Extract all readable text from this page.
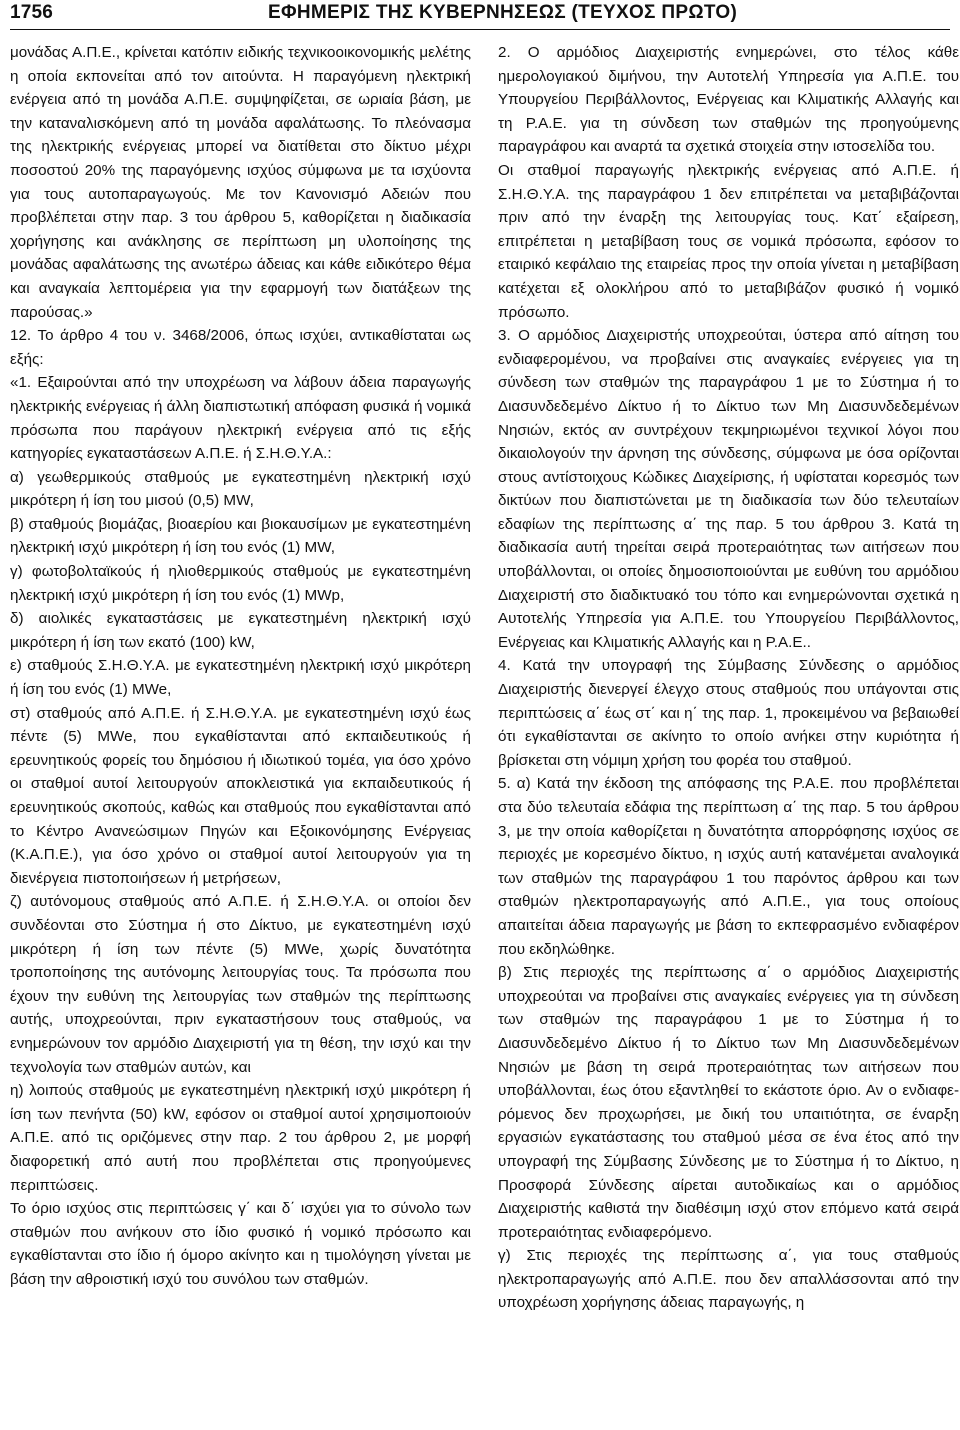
1756	ΕΦΗΜΕΡΙΣ ΤΗΣ ΚΥΒΕΡΝΗΣΕΩΣ (ΤΕΥΧΟΣ ΠΡΩΤΟ)

μονάδας Α.Π.Ε., κρίνεται κατόπιν ειδικής τεχνικοοικονομικής μελέτης η οποία εκπονείται από τον αιτούντα. Η παραγόμενη ηλεκτρική ενέργεια από τη μονάδα Α.Π.Ε. συμψηφίζεται, σε ωριαία βάση, με την καταναλισκόμενη από τη μονάδα αφαλάτωσης. Το πλεόνασμα της ηλεκτρικής ενέργειας μπορεί να διατίθεται στο δίκτυο μέχρι ποσοστού 20% της παραγόμενης ισχύος σύμφωνα με τα ισχύοντα για τους αυτοπαραγωγούς. Με τον Κανονισμό Αδειών που προβλέπεται στην παρ. 3 του άρθρου 5, καθορίζεται η διαδικασία χορήγησης και ανάκλησης σε περίπτωση μη υλοποίησης της μονάδας αφαλάτωσης της ανωτέρω άδειας και κάθε ειδικότερο θέμα και αναγκαία λεπτομέρεια για την εφαρμογή των διατάξεων της παρούσας.»

12. Το άρθρο 4 του ν. 3468/2006, όπως ισχύει, αντικαθίσταται ως εξής:

«1. Εξαιρούνται από την υποχρέωση να λάβουν άδεια παραγωγής ηλεκτρικής ενέργειας ή άλλη διαπιστωτική απόφαση φυσικά ή νομικά πρόσωπα που παράγουν ηλεκτρική ενέργεια από τις εξής κατηγορίες εγκαταστάσεων Α.Π.Ε. ή Σ.Η.Θ.Υ.Α.:

α) γεωθερμικούς σταθμούς με εγκατεστημένη ηλεκτρική ισχύ μικρότερη ή ίση του μισού (0,5) MW,

β) σταθμούς βιομάζας, βιοαερίου και βιοκαυσίμων με εγκατεστημένη ηλεκτρική ισχύ μικρότερη ή ίση του ενός (1) MW,

γ) φωτοβολταϊκούς ή ηλιοθερμικούς σταθμούς με εγκατεστημένη ηλεκτρική ισχύ μικρότερη ή ίση του ενός (1) MWp,

δ) αιολικές εγκαταστάσεις με εγκατεστημένη ηλεκτρική ισχύ μικρότερη ή ίση των εκατό (100) kW,

ε) σταθμούς Σ.Η.Θ.Υ.Α. με εγκατεστημένη ηλεκτρική ισχύ μικρότερη ή ίση του ενός (1) MWe,

στ) σταθμούς από Α.Π.Ε. ή Σ.Η.Θ.Υ.Α. με εγκατεστημένη ισχύ έως πέντε (5) MWe, που εγκαθίστανται από εκπαιδευτικούς ή ερευνητικούς φορείς του δημόσιου ή ιδιωτικού τομέα, για όσο χρόνο οι σταθμοί αυτοί λειτουργούν αποκλειστικά για εκπαιδευτικούς ή ερευνητικούς σκοπούς, καθώς και σταθμούς που εγκαθίστανται από το Κέντρο Ανανεώσιμων Πηγών και Εξοικονόμησης Ενέργειας (Κ.Α.Π.Ε.), για όσο χρόνο οι σταθμοί αυτοί λειτουργούν για τη διενέργεια πιστοποιήσεων ή μετρήσεων,

ζ) αυτόνομους σταθμούς από Α.Π.Ε. ή Σ.Η.Θ.Υ.Α. οι οποίοι δεν συνδέονται στο Σύστημα ή στο Δίκτυο, με εγκατεστημένη ισχύ μικρότερη ή ίση των πέντε (5) MWe, χωρίς δυνατότητα τροποποίησης της αυτόνομης λειτουργίας τους. Τα πρόσωπα που έχουν την ευθύνη της λειτουργίας των σταθμών της περίπτωσης αυτής, υποχρεούνται, πριν εγκαταστήσουν τους σταθμούς, να ενημερώνουν τον αρμόδιο Διαχειριστή για τη θέση, την ισχύ και την τεχνολογία των σταθμών αυτών, και

η) λοιπούς σταθμούς με εγκατεστημένη ηλεκτρική ισχύ μικρότερη ή ίση των πενήντα (50) kW, εφόσον οι σταθμοί αυτοί χρησιμοποιούν Α.Π.Ε. από τις οριζόμενες στην παρ. 2 του άρθρου 2, με μορφή διαφορετική από αυτή που προβλέπεται στις προηγούμενες περιπτώσεις.

Το όριο ισχύος στις περιπτώσεις γ΄ και δ΄ ισχύει για το σύνολο των σταθμών που ανήκουν στο ίδιο φυσικό ή νομικό πρόσωπο και εγκαθίστανται στο ίδιο ή όμορο ακίνητο και η τιμολόγηση γίνεται με βάση την αθροιστική ισχύ του συνόλου των σταθμών.

2. Ο αρμόδιος Διαχειριστής ενημερώνει, στο τέλος κάθε ημερολογιακού διμήνου, την Αυτοτελή Υπηρεσία για Α.Π.Ε. του Υπουργείου Περιβάλλοντος, Ενέργειας και Κλιματικής Αλλαγής και τη Ρ.Α.Ε. για τη σύνδεση των σταθμών της προηγούμενης παραγράφου και αναρτά τα σχετικά στοιχεία στην ιστοσελίδα του.

Οι σταθμοί παραγωγής ηλεκτρικής ενέργειας από Α.Π.Ε. ή Σ.Η.Θ.Υ.Α. της παραγράφου 1 δεν επιτρέπεται να μεταβιβάζονται πριν από την έναρξη της λειτουργίας τους. Κατ΄ εξαίρεση, επιτρέπεται η μεταβίβαση τους σε νομικά πρόσωπα, εφόσον το εταιρικό κεφάλαιο της εταιρείας προς την οποία γίνεται η μεταβίβαση κατέχεται εξ ολοκλήρου από το μεταβιβάζον φυσικό ή νομικό πρόσωπο.

3. Ο αρμόδιος Διαχειριστής υποχρεούται, ύστερα από αίτηση του ενδιαφερομένου, να προβαίνει στις αναγκαίες ενέργειες για τη σύνδεση των σταθμών της παραγράφου 1 με το Σύστημα ή το Διασυνδεδεμένο Δίκτυο ή το Δίκτυο των Μη Διασυνδεδεμένων Νησιών, εκτός αν συντρέχουν τεκμηριωμένοι τεχνικοί λόγοι που δικαιολογούν την άρνηση της σύνδεσης, σύμφωνα με όσα ορίζονται στους αντίστοιχους Κώδικες Διαχείρισης, ή υφίσταται κορεσμός των δικτύων που διαπιστώνεται με τη διαδικασία των δύο τελευταίων εδαφίων της περίπτωσης α΄ της παρ. 5 του άρθρου 3. Κατά τη διαδικασία αυτή τηρείται σειρά προτεραιότητας των αιτήσεων που υποβάλλονται, οι οποίες δημοσιοποιούνται με ευθύνη του αρμόδιου Διαχειριστή στο διαδικτυακό του τόπο και ενημερώνονται σχετικά η Αυτοτελής Υπηρεσία για Α.Π.Ε. του Υπουργείου Περιβάλλοντος, Ενέργειας και Κλιματικής Αλλαγής και η Ρ.Α.Ε..

4. Κατά την υπογραφή της Σύμβασης Σύνδεσης ο αρμόδιος Διαχειριστής διενεργεί έλεγχο στους σταθμούς που υπάγονται στις περιπτώσεις α΄ έως στ΄ και η΄ της παρ. 1, προκειμένου να βεβαιωθεί ότι εγκαθίστανται σε ακίνητο το οποίο ανήκει στην κυριότητα ή βρίσκεται στη νόμιμη χρήση του φορέα του σταθμού.

5. α) Κατά την έκδοση της απόφασης της Ρ.Α.Ε. που προβλέπεται στα δύο τελευταία εδάφια της περίπτωση α΄ της παρ. 5 του άρθρου 3, με την οποία καθορίζεται η δυνατότητα απορρόφησης ισχύος σε περιοχές με κορεσμένο δίκτυο, η ισχύς αυτή κατανέμεται αναλογικά των σταθμών της παραγράφου 1 του παρόντος άρθρου και των σταθμών ηλεκτροπαραγωγής από Α.Π.Ε., για τους οποίους απαιτείται άδεια παραγωγής με βάση το εκπεφρασμένο ενδιαφέρον που εκδηλώθηκε.

β) Στις περιοχές της περίπτωσης α΄ ο αρμόδιος Διαχειριστής υποχρεούται να προβαίνει στις αναγκαίες ενέργειες για τη σύνδεση των σταθμών της παραγράφου 1 με το Σύστημα ή το Διασυνδεδεμένο Δίκτυο ή το Δίκτυο των Μη Διασυνδεδεμένων Νησιών με βάση τη σειρά προτεραιότητας των αιτήσεων που υποβάλλονται, έως ότου εξαντληθεί το εκάστοτε όριο. Αν ο ενδιαφερόμενος δεν προχωρήσει, με δική του υπαιτιότητα, σε έναρξη εργασιών εγκατάστασης του σταθμού μέσα σε ένα έτος από την υπογραφή της Σύμβασης Σύνδεσης με το Σύστημα ή το Δίκτυο, η Προσφορά Σύνδεσης αίρεται αυτοδικαίως και ο αρμόδιος Διαχειριστής καθιστά την διαθέσιμη ισχύ στον επόμενο κατά σειρά προτεραιότητας ενδιαφερόμενο.

γ) Στις περιοχές της περίπτωσης α΄, για τους σταθμούς ηλεκτροπαραγωγής από Α.Π.Ε. που δεν απαλλάσσονται από την υποχρέωση χορήγησης άδειας παραγωγής, η
